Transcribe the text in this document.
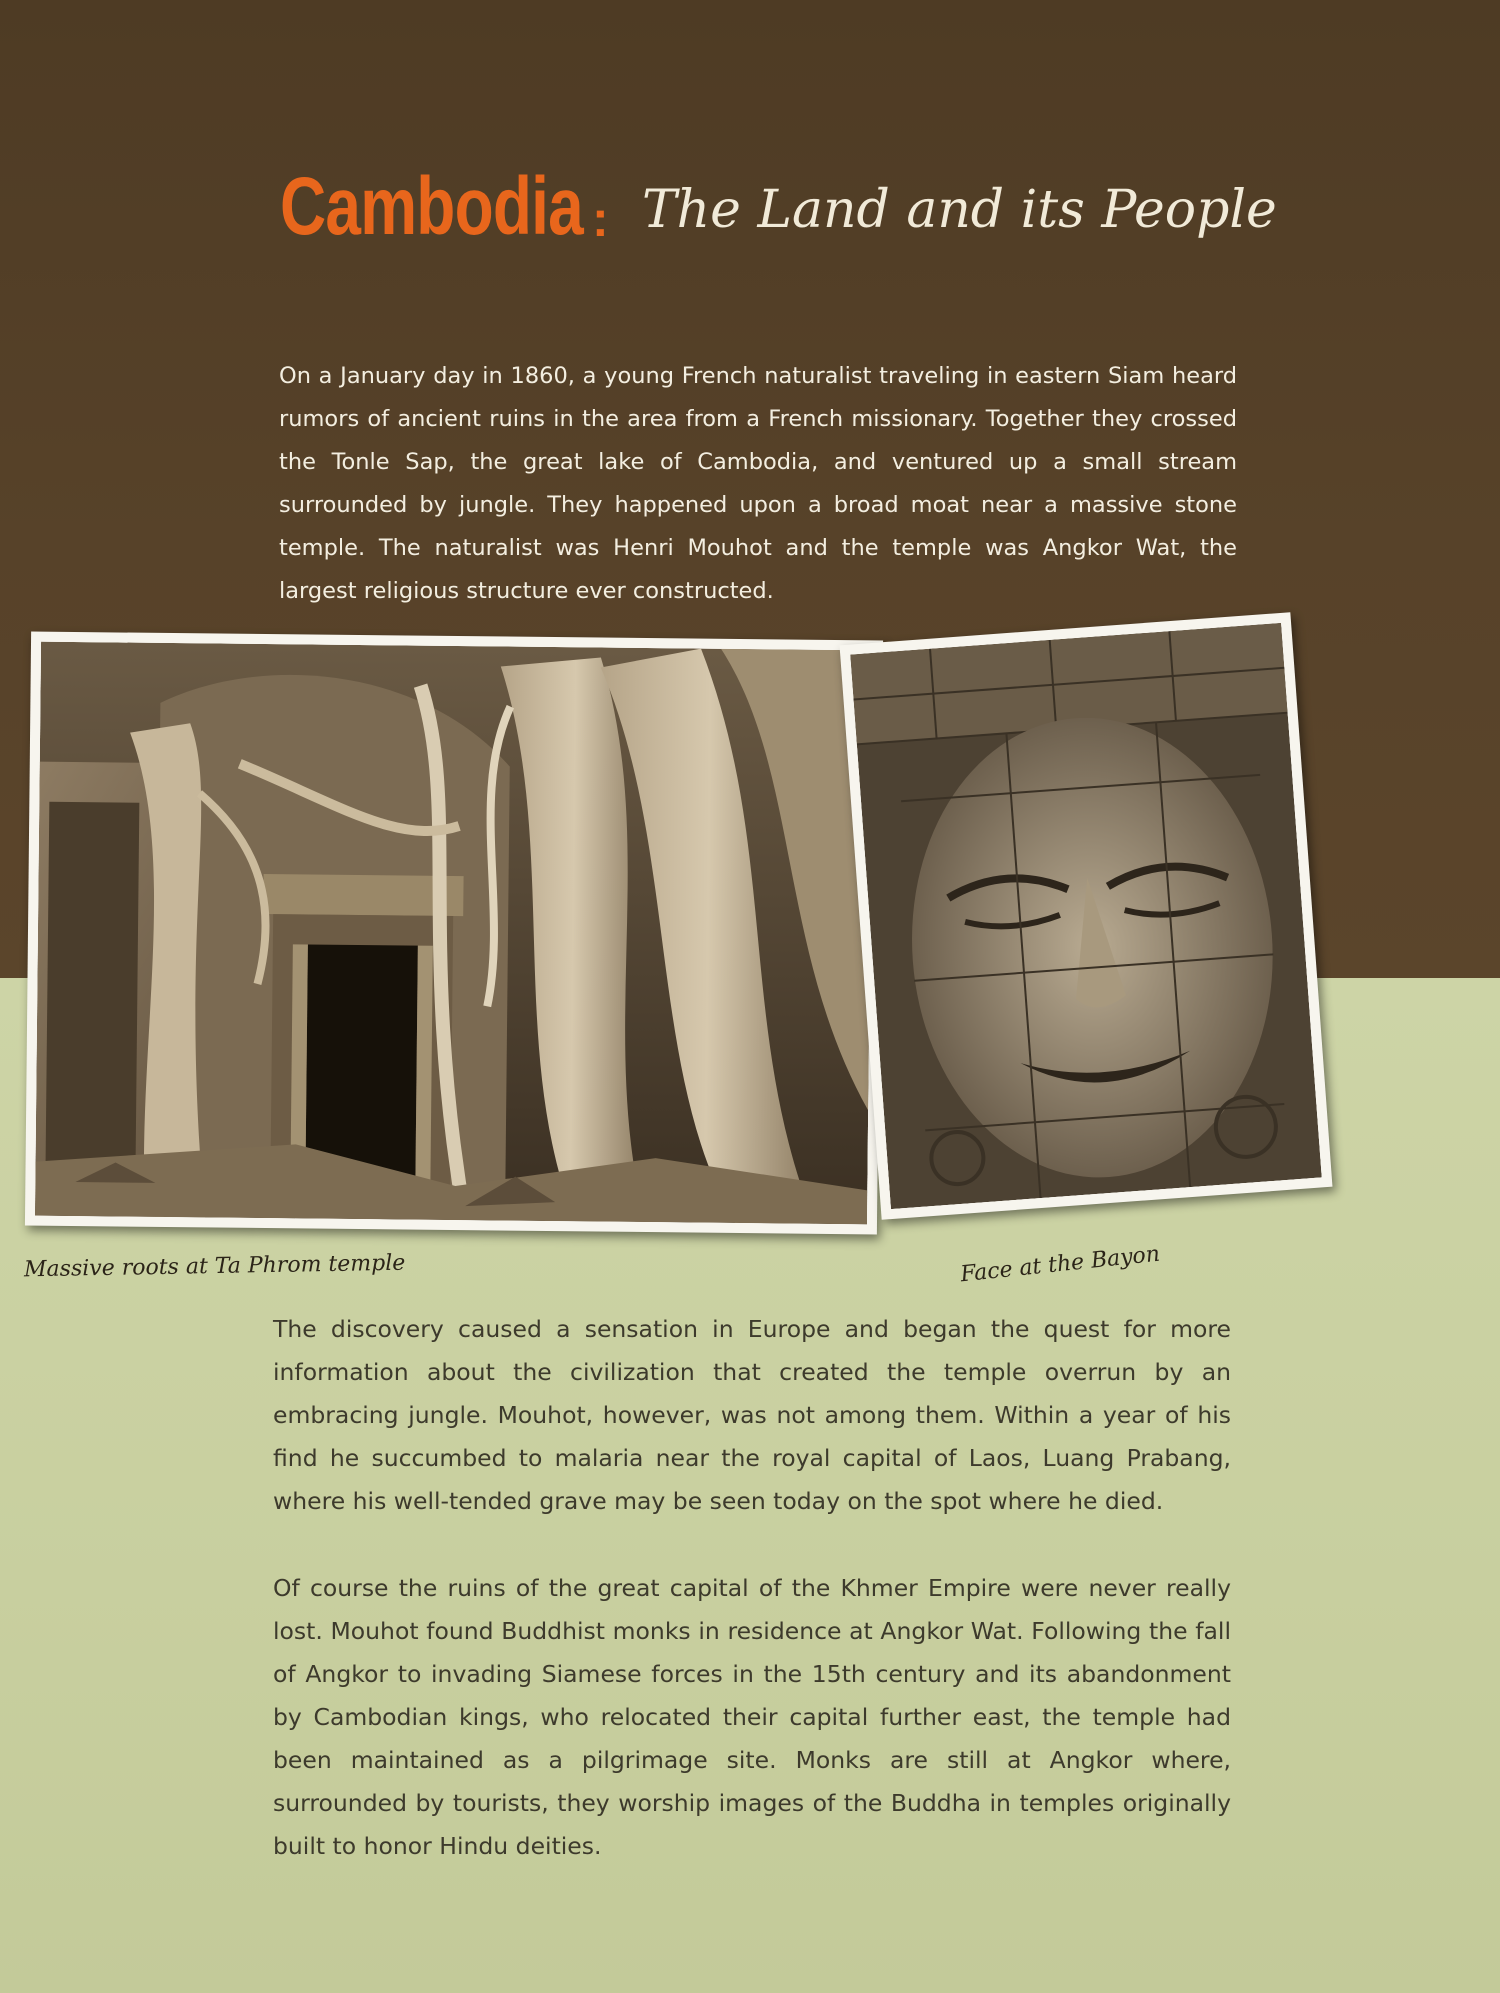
Cambodia : The Land and its People

On a January day in 1860, a young French naturalist traveling in eastern Siam heard rumors of ancient ruins in the area from a French missionary. Together they crossed the Tonle Sap, the great lake of Cambodia, and ventured up a small stream surrounded by jungle. They happened upon a broad moat near a massive stone temple. The naturalist was Henri Mouhot and the temple was Angkor Wat, the largest religious structure ever constructed.

Massive roots at Ta Phrom temple	Face at the Bayon

The discovery caused a sensation in Europe and began the quest for more information about the civilization that created the temple overrun by an embracing jungle. Mouhot, however, was not among them. Within a year of his find he succumbed to malaria near the royal capital of Laos, Luang Prabang, where his well-tended grave may be seen today on the spot where he died.

Of course the ruins of the great capital of the Khmer Empire were never really lost. Mouhot found Buddhist monks in residence at Angkor Wat. Following the fall of Angkor to invading Siamese forces in the 15th century and its abandonment by Cambodian kings, who relocated their capital further east, the temple had been maintained as a pilgrimage site. Monks are still at Angkor where, surrounded by tourists, they worship images of the Buddha in temples originally built to honor Hindu deities.
